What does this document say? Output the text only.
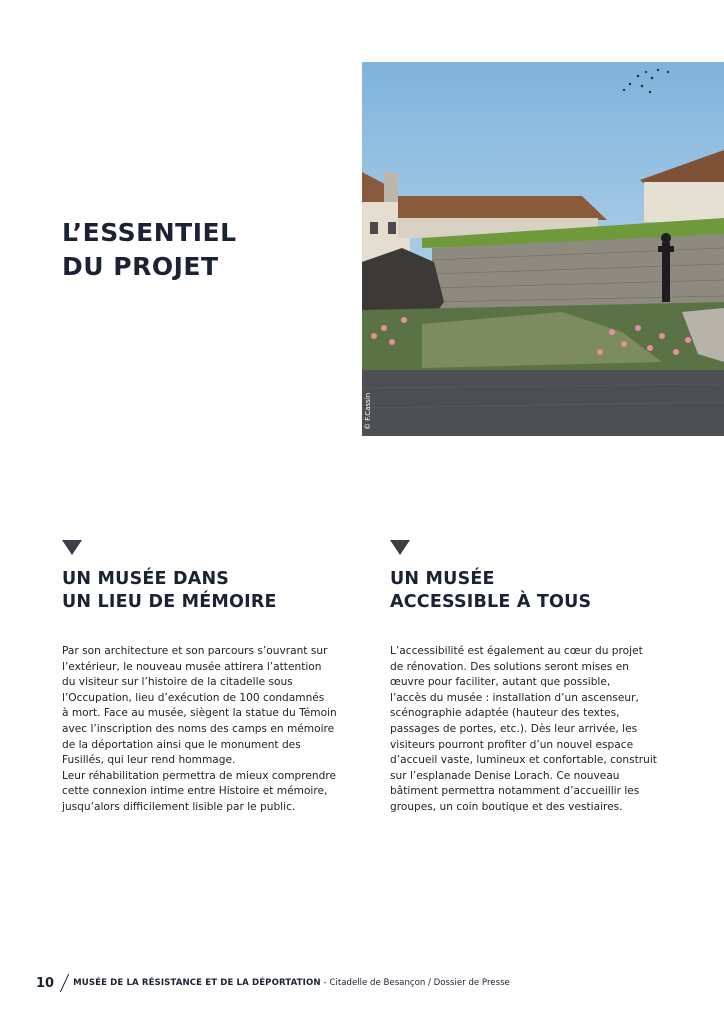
L’ESSENTIEL
DU PROJET
© F.Cassin
UN MUSÉE DANS
UN LIEU DE MÉMOIRE

Par son architecture et son parcours s’ouvrant sur
l’extérieur, le nouveau musée attirera l’attention
du visiteur sur l’histoire de la citadelle sous
l’Occupation, lieu d’exécution de 100 condamnés
à mort. Face au musée, siègent la statue du Témoin
avec l’inscription des noms des camps en mémoire
de la déportation ainsi que le monument des
Fusillés, qui leur rend hommage.
Leur réhabilitation permettra de mieux comprendre
cette connexion intime entre Histoire et mémoire,
jusqu’alors difficilement lisible par le public.

UN MUSÉE
ACCESSIBLE À TOUS

L’accessibilité est également au cœur du projet
de rénovation. Des solutions seront mises en
œuvre pour faciliter, autant que possible,
l’accès du musée : installation d’un ascenseur,
scénographie adaptée (hauteur des textes,
passages de portes, etc.). Dès leur arrivée, les
visiteurs pourront profiter d’un nouvel espace
d’accueil vaste, lumineux et confortable, construit
sur l’esplanade Denise Lorach. Ce nouveau
bâtiment permettra notamment d’accueillir les
groupes, un coin boutique et des vestiaires.

10 MUSÉE DE LA RÉSISTANCE ET DE LA DÉPORTATION - Citadelle de Besançon / Dossier de Presse
